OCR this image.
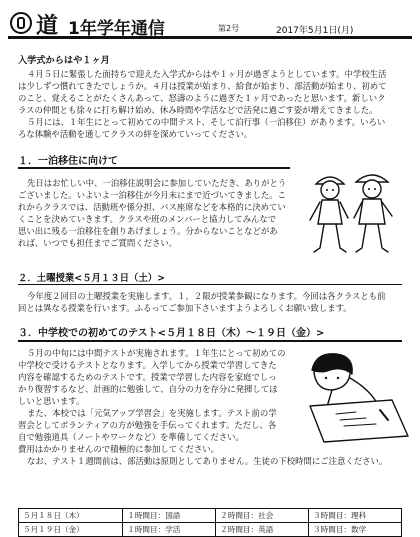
道 1年学年通信	第2号	2017年5月1日(月)
入学式からはや１ヶ月
４月５日に緊張した面持ちで迎えた入学式からはや１ヶ月が過ぎようとしています。中学校生活
は少しずつ慣れてきたでしょうか。４月は授業が始まり、給食が始まり、部活動が始まり、初めて
のこと、覚えることがたくさんあって、怒濤のように過ぎた１ヶ月であったと思います。新しいク
ラスの仲間とも徐々に打ち解け始め、休み時間や学活などで活発に過ごす姿が増えてきました。
５月には、１年生にとって初めての中間テスト、そして泊行事（一泊移住）があります。いろい
ろな体験や活動を通してクラスの絆を深めていってください。
１．一泊移住に向けて
先日はお忙しい中、一泊移住説明会に参加していただき、ありがとう
ございました。いよいよ一泊移住が今月末にまで近づいてきました。こ
れからクラスでは、活動班や係分担、バス座席などを本格的に決めてい
くことを決めていきます。クラスや班のメンバーと協力してみんなで
思い出に残る一泊移住を創りあげましょう。分からないことなどがあ
れば、いつでも担任までご質問ください。
２．土曜授業<５月１３日（土）>
今年度２回目の土曜授業を実施します。１，２限が授業参観になります。今回は各クラスとも前
回とは異なる授業を行います。ふるってご参加下さいますようよろしくお願い致します。
３．中学校での初めてのテスト<５月１８日（木）～１９日（金）>
５月の中旬には中間テストが実施されます。１年生にとって初めての
中学校で受けるテストとなります。入学してから授業で学習してきた
内容を確認するためのテストです。授業で学習した内容を家庭でしっ
かり復習するなど、計画的に勉強して、自分の力を存分に発揮してほ
しいと思います。
また、本校では「元気アップ学習会」を実施します。テスト前の学
習会としてボランティアの方が勉強を手伝ってくれます。ただし、各
自で勉強道具（ノートやワークなど）を準備してください。
費用はかかりませんので積極的に参加してください。
なお、テスト１週間前は、部活動は原則としてありません。生徒の下校時間にご注意ください。
５月１８日（木）	１時間目：国語	２時間目：社会	３時間目：理科
５月１９日（金）	１時間目：学活	２時間目：英語	３時間目：数学
